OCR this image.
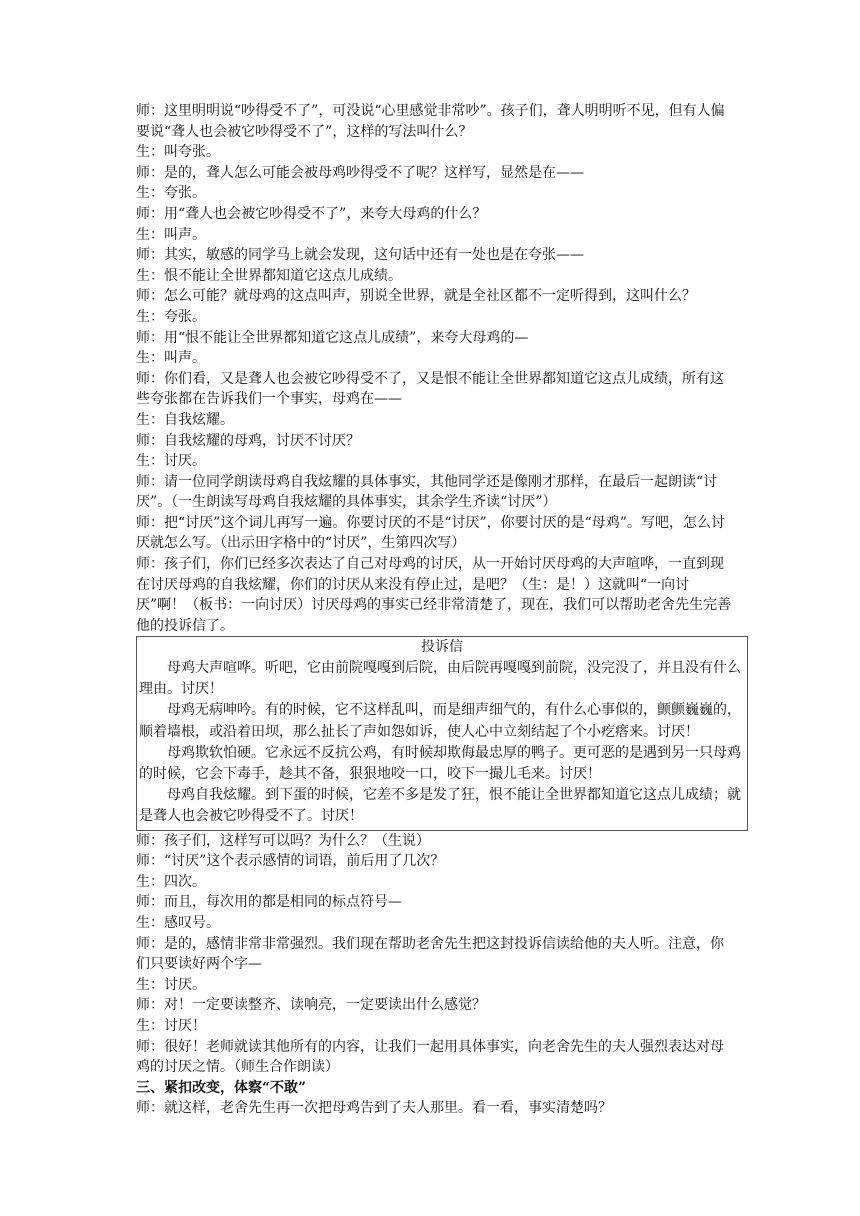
师：这里明明说“吵得受不了”，可没说“心里感觉非常吵”。孩子们，聋人明明听不见，但有人偏要说“聋人也会被它吵得受不了”，这样的写法叫什么？

生：叫夸张。

师：是的，聋人怎么可能会被母鸡吵得受不了呢？这样写，显然是在——

生：夸张。

师：用“聋人也会被它吵得受不了”，来夸大母鸡的什么？

生：叫声。

师：其实，敏感的同学马上就会发现，这句话中还有一处也是在夸张——

生：恨不能让全世界都知道它这点儿成绩。

师：怎么可能？就母鸡的这点叫声，别说全世界，就是全社区都不一定听得到，这叫什么？

生：夸张。

师：用“恨不能让全世界都知道它这点儿成绩”，来夸大母鸡的—

生：叫声。

师：你们看，又是聋人也会被它吵得受不了，又是恨不能让全世界都知道它这点儿成绩，所有这些夸张都在告诉我们一个事实，母鸡在——

生：自我炫耀。

师：自我炫耀的母鸡，讨厌不讨厌？

生：讨厌。

师：请一位同学朗读母鸡自我炫耀的具体事实，其他同学还是像刚才那样，在最后一起朗读“讨厌”。（一生朗读写母鸡自我炫耀的具体事实，其余学生齐读“讨厌”）

师：把“讨厌”这个词儿再写一遍。你要讨厌的不是“讨厌”，你要讨厌的是“母鸡”。写吧，怎么讨厌就怎么写。（出示田字格中的“讨厌”，生第四次写）

师：孩子们，你们已经多次表达了自己对母鸡的讨厌，从一开始讨厌母鸡的大声喧哗，一直到现在讨厌母鸡的自我炫耀，你们的讨厌从来没有停止过，是吧？（生：是！）这就叫“一向讨厌”啊！（板书：一向讨厌）讨厌母鸡的事实已经非常清楚了，现在，我们可以帮助老舍先生完善他的投诉信了。

投诉信

母鸡大声喧哗。听吧，它由前院嘎嘎到后院，由后院再嘎嘎到前院，没完没了，并且没有什么理由。讨厌！

母鸡无病呻吟。有的时候，它不这样乱叫，而是细声细气的，有什么心事似的，颤颤巍巍的，顺着墙根，或沿着田坝，那么扯长了声如怨如诉，使人心中立刻结起了个小疙瘩来。讨厌！

母鸡欺软怕硬。它永远不反抗公鸡，有时候却欺侮最忠厚的鸭子。更可恶的是遇到另一只母鸡的时候，它会下毒手，趁其不备，狠狠地咬一口，咬下一撮儿毛来。讨厌！

母鸡自我炫耀。到下蛋的时候，它差不多是发了狂，恨不能让全世界都知道它这点儿成绩；就是聋人也会被它吵得受不了。讨厌！

师：孩子们，这样写可以吗？为什么？（生说）

师：“讨厌”这个表示感情的词语，前后用了几次？

生：四次。

师：而且，每次用的都是相同的标点符号—

生：感叹号。

师：是的，感情非常非常强烈。我们现在帮助老舍先生把这封投诉信读给他的夫人听。注意，你们只要读好两个字—

生：讨厌。

师：对！一定要读整齐、读响亮，一定要读出什么感觉？

生：讨厌！

师：很好！老师就读其他所有的内容，让我们一起用具体事实，向老舍先生的夫人强烈表达对母鸡的讨厌之情。（师生合作朗读）

三、紧扣改变，体察“不敢”

师：就这样，老舍先生再一次把母鸡告到了夫人那里。看一看，事实清楚吗？
